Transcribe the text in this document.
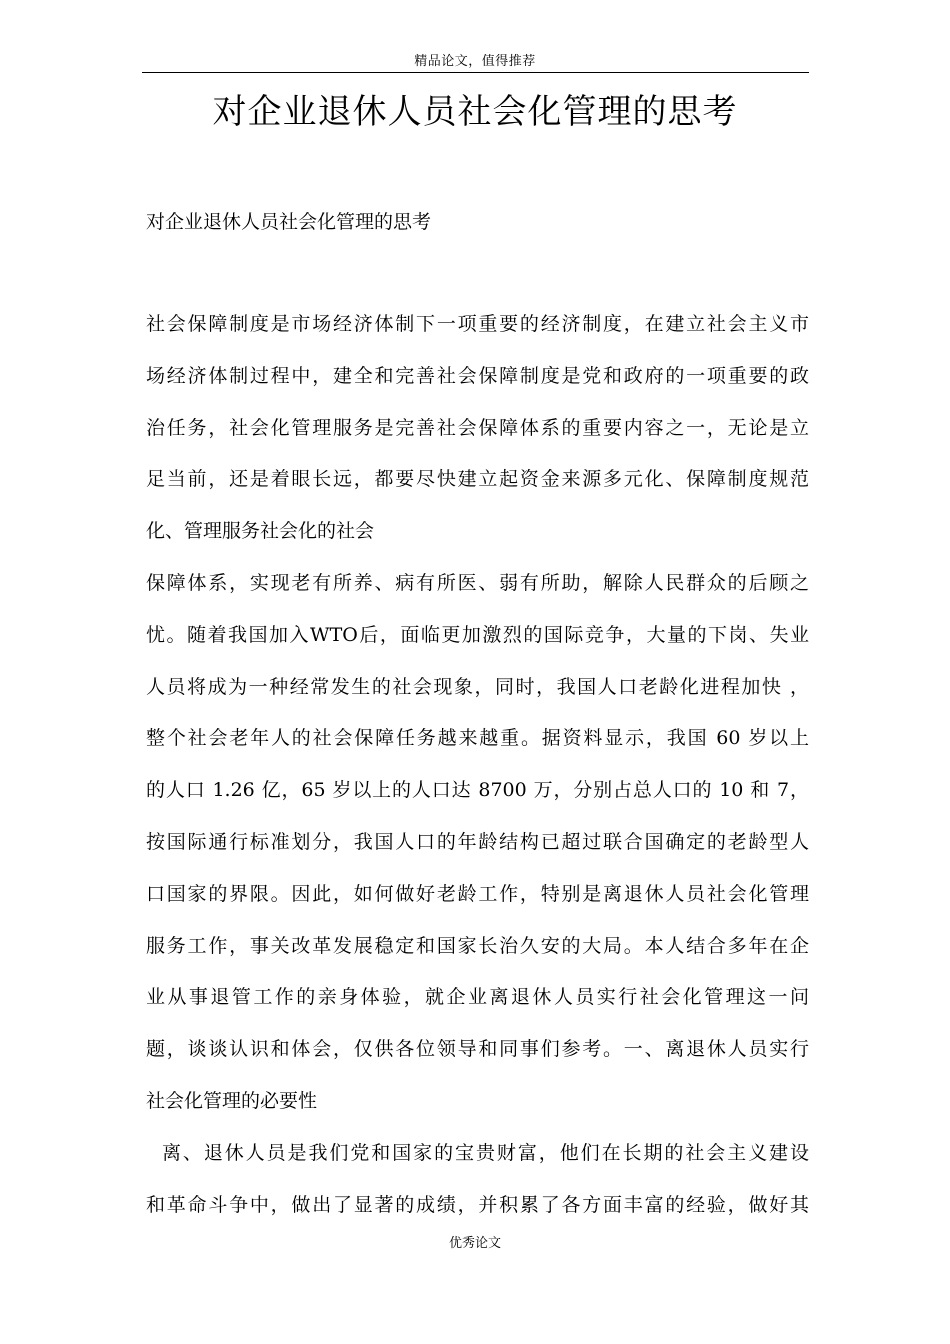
精品论文，值得推荐
对企业退休人员社会化管理的思考
对企业退休人员社会化管理的思考
社会保障制度是市场经济体制下一项重要的经济制度，在建立社会主义市
场经济体制过程中，建全和完善社会保障制度是党和政府的一项重要的政
治任务，社会化管理服务是完善社会保障体系的重要内容之一，无论是立
足当前，还是着眼长远，都要尽快建立起资金来源多元化、保障制度规范
化、管理服务社会化的社会
保障体系，实现老有所养、病有所医、弱有所助，解除人民群众的后顾之
忧。随着我国加入WTO后，面临更加激烈的国际竞争，大量的下岗、失业
人员将成为一种经常发生的社会现象，同时，我国人口老龄化进程加快 ，
整个社会老年人的社会保障任务越来越重。据资料显示，我国 60 岁以上
的人口 1.26 亿，65 岁以上的人口达 8700 万，分别占总人口的 10 和 7，
按国际通行标准划分，我国人口的年龄结构已超过联合国确定的老龄型人
口国家的界限。因此，如何做好老龄工作，特别是离退休人员社会化管理
服务工作，事关改革发展稳定和国家长治久安的大局。本人结合多年在企
业从事退管工作的亲身体验，就企业离退休人员实行社会化管理这一问
题，谈谈认识和体会，仅供各位领导和同事们参考。一、离退休人员实行
社会化管理的必要性
离、退休人员是我们党和国家的宝贵财富，他们在长期的社会主义建设
和革命斗争中，做出了显著的成绩，并积累了各方面丰富的经验，做好其
优秀论文
